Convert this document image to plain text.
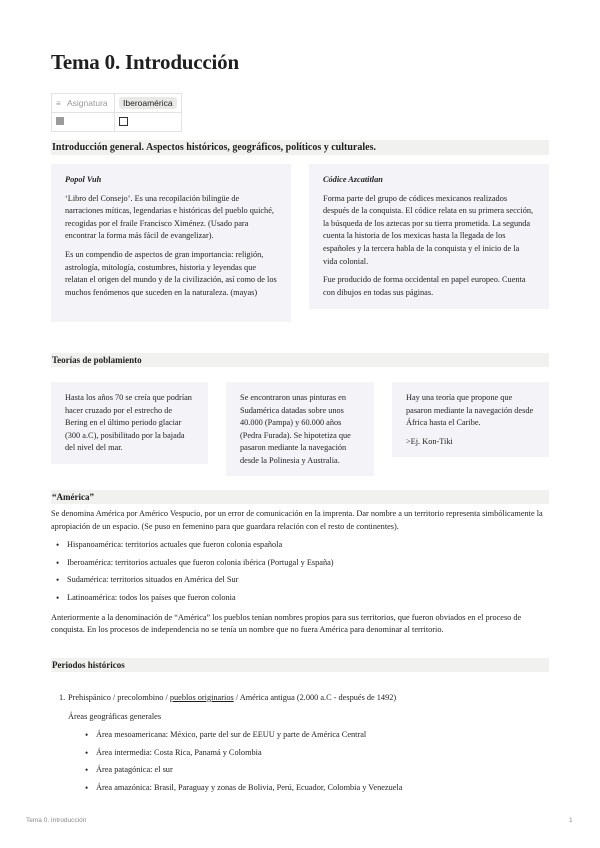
Tema 0. Introducción
≡ Asignatura	Iberoamérica

Introducción general. Aspectos históricos, geográficos, políticos y culturales.

Popol Vuh

‘Libro del Consejo’. Es una recopilación bilingüe de narraciones míticas, legendarias e históricas del pueblo quiché, recogidas por el fraile Francisco Ximénez. (Usado para encontrar la forma más fácil de evangelizar).

Es un compendio de aspectos de gran importancia: religión, astrología, mitología, costumbres, historia y leyendas que relatan el origen del mundo y de la civilización, así como de los muchos fenómenos que suceden en la naturaleza. (mayas)

Códice Azcatitlan

Forma parte del grupo de códices mexicanos realizados después de la conquista. El códice relata en su primera sección, la búsqueda de los aztecas por su tierra prometida. La segunda cuenta la historia de los mexicas hasta la llegada de los españoles y la tercera habla de la conquista y el inicio de la vida colonial.

Fue producido de forma occidental en papel europeo. Cuenta con dibujos en todas sus páginas.

Teorías de poblamiento

Hasta los años 70 se creía que podrían hacer cruzado por el estrecho de Bering en el último periodo glaciar (300 a.C), posibilitado por la bajada del nivel del mar.

Se encontraron unas pinturas en Sudamérica datadas sobre unos 40.000 (Pampa) y 60.000 años (Pedra Furada). Se hipotetiza que pasaron mediante la navegación desde la Polinesia y Australia.

Hay una teoría que propone que pasaron mediante la navegación desde África hasta el Caribe.

>Ej. Kon-Tiki

“América”

Se denomina América por Américo Vespucio, por un error de comunicación en la imprenta. Dar nombre a un territorio representa simbólicamente la apropiación de un espacio. (Se puso en femenino para que guardara relación con el resto de continentes).

• Hispanoamérica: territorios actuales que fueron colonia española
• Iberoamérica: territorios actuales que fueron colonia ibérica (Portugal y España)
• Sudamérica: territorios situados en América del Sur
• Latinoamérica: todos los países que fueron colonia

Anteriormente a la denominación de “América” los pueblos tenían nombres propios para sus territorios, que fueron obviados en el proceso de conquista. En los procesos de independencia no se tenía un nombre que no fuera América para denominar al territorio.

Periodos históricos
1. Prehispánico / precolombino / pueblos originarios / América antigua (2.000 a.C - después de 1492)
Áreas geográficas generales
• Área mesoamericana: México, parte del sur de EEUU y parte de América Central
• Área intermedia: Costa Rica, Panamá y Colombia
• Área patagónica: el sur
• Área amazónica: Brasil, Paraguay y zonas de Bolivia, Perú, Ecuador, Colombia y Venezuela
Tema 0. Introducción	1
